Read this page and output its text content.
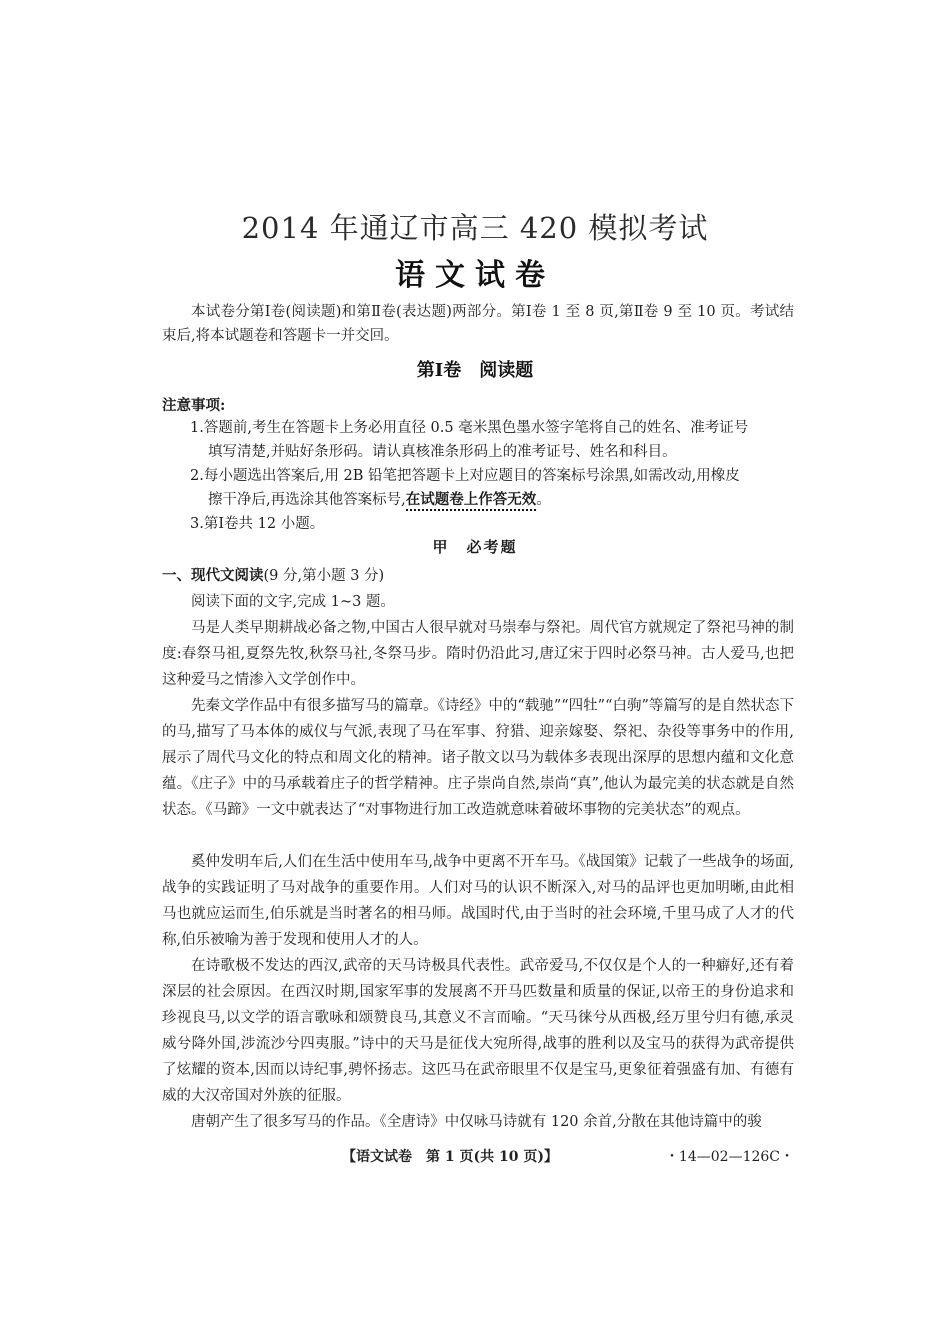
2014 年通辽市高三 420 模拟考试
语文试卷
本试卷分第Ⅰ卷(阅读题)和第Ⅱ卷(表达题)两部分。第Ⅰ卷 1 至 8 页,第Ⅱ卷 9 至 10 页。考试结束后,将本试题卷和答题卡一并交回。
第Ⅰ卷　阅读题
注意事项:
1.答题前,考生在答题卡上务必用直径 0.5 毫米黑色墨水签字笔将自己的姓名、准考证号
填写清楚,并贴好条形码。请认真核准条形码上的准考证号、姓名和科目。
2.每小题选出答案后,用 2B 铅笔把答题卡上对应题目的答案标号涂黑,如需改动,用橡皮
擦干净后,再选涂其他答案标号,在试题卷上作答无效。
3.第Ⅰ卷共 12 小题。
甲　必考题
一、现代文阅读(9 分,第小题 3 分)
阅读下面的文字,完成 1~3 题。
马是人类早期耕战必备之物,中国古人很早就对马崇奉与祭祀。周代官方就规定了祭祀马神的制度:春祭马祖,夏祭先牧,秋祭马社,冬祭马步。隋时仍沿此习,唐辽宋于四时必祭马神。古人爱马,也把这种爱马之情渗入文学创作中。
先秦文学作品中有很多描写马的篇章。《诗经》中的“载驰”“四牡”“白驹”等篇写的是自然状态下的马,描写了马本体的威仪与气派,表现了马在军事、狩猎、迎亲嫁娶、祭祀、杂役等事务中的作用,展示了周代马文化的特点和周文化的精神。诸子散文以马为载体多表现出深厚的思想内蕴和文化意蕴。《庄子》中的马承载着庄子的哲学精神。庄子崇尚自然,崇尚“真”,他认为最完美的状态就是自然状态。《马蹄》一文中就表达了“对事物进行加工改造就意味着破坏事物的完美状态”的观点。
奚仲发明车后,人们在生活中使用车马,战争中更离不开车马。《战国策》记载了一些战争的场面,战争的实践证明了马对战争的重要作用。人们对马的认识不断深入,对马的品评也更加明晰,由此相马也就应运而生,伯乐就是当时著名的相马师。战国时代,由于当时的社会环境,千里马成了人才的代称,伯乐被喻为善于发现和使用人才的人。
在诗歌极不发达的西汉,武帝的天马诗极具代表性。武帝爱马,不仅仅是个人的一种癖好,还有着深层的社会原因。在西汉时期,国家军事的发展离不开马匹数量和质量的保证,以帝王的身份追求和珍视良马,以文学的语言歌咏和颂赞良马,其意义不言而喻。“天马徕兮从西极,经万里兮归有德,承灵威兮降外国,涉流沙兮四夷服。”诗中的天马是征伐大宛所得,战事的胜利以及宝马的获得为武帝提供了炫耀的资本,因而以诗纪事,骋怀扬志。这匹马在武帝眼里不仅是宝马,更象征着强盛有加、有德有威的大汉帝国对外族的征服。
唐朝产生了很多写马的作品。《全唐诗》中仅咏马诗就有 120 余首,分散在其他诗篇中的骏
【语文试卷　第 1 页(共 10 页)】	・14—02—126C・
